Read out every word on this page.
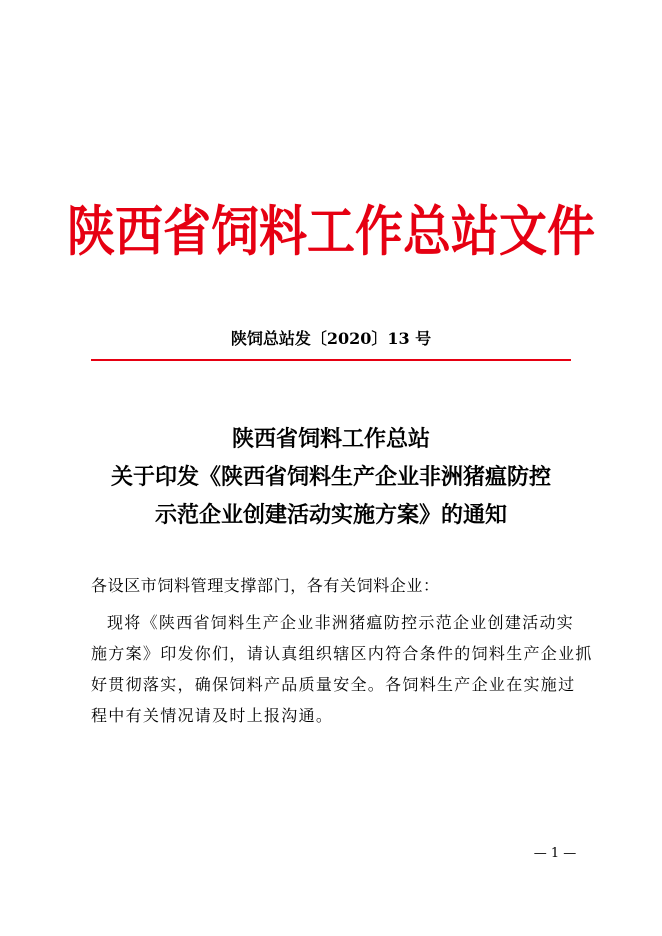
陕西省饲料工作总站文件
陕饲总站发〔2020〕13 号
陕西省饲料工作总站
关于印发《陕西省饲料生产企业非洲猪瘟防控
示范企业创建活动实施方案》的通知
各设区市饲料管理支撑部门，各有关饲料企业：
现将《陕西省饲料生产企业非洲猪瘟防控示范企业创建活动实
施方案》印发你们，请认真组织辖区内符合条件的饲料生产企业抓
好贯彻落实，确保饲料产品质量安全。各饲料生产企业在实施过
程中有关情况请及时上报沟通。
— 1 —
